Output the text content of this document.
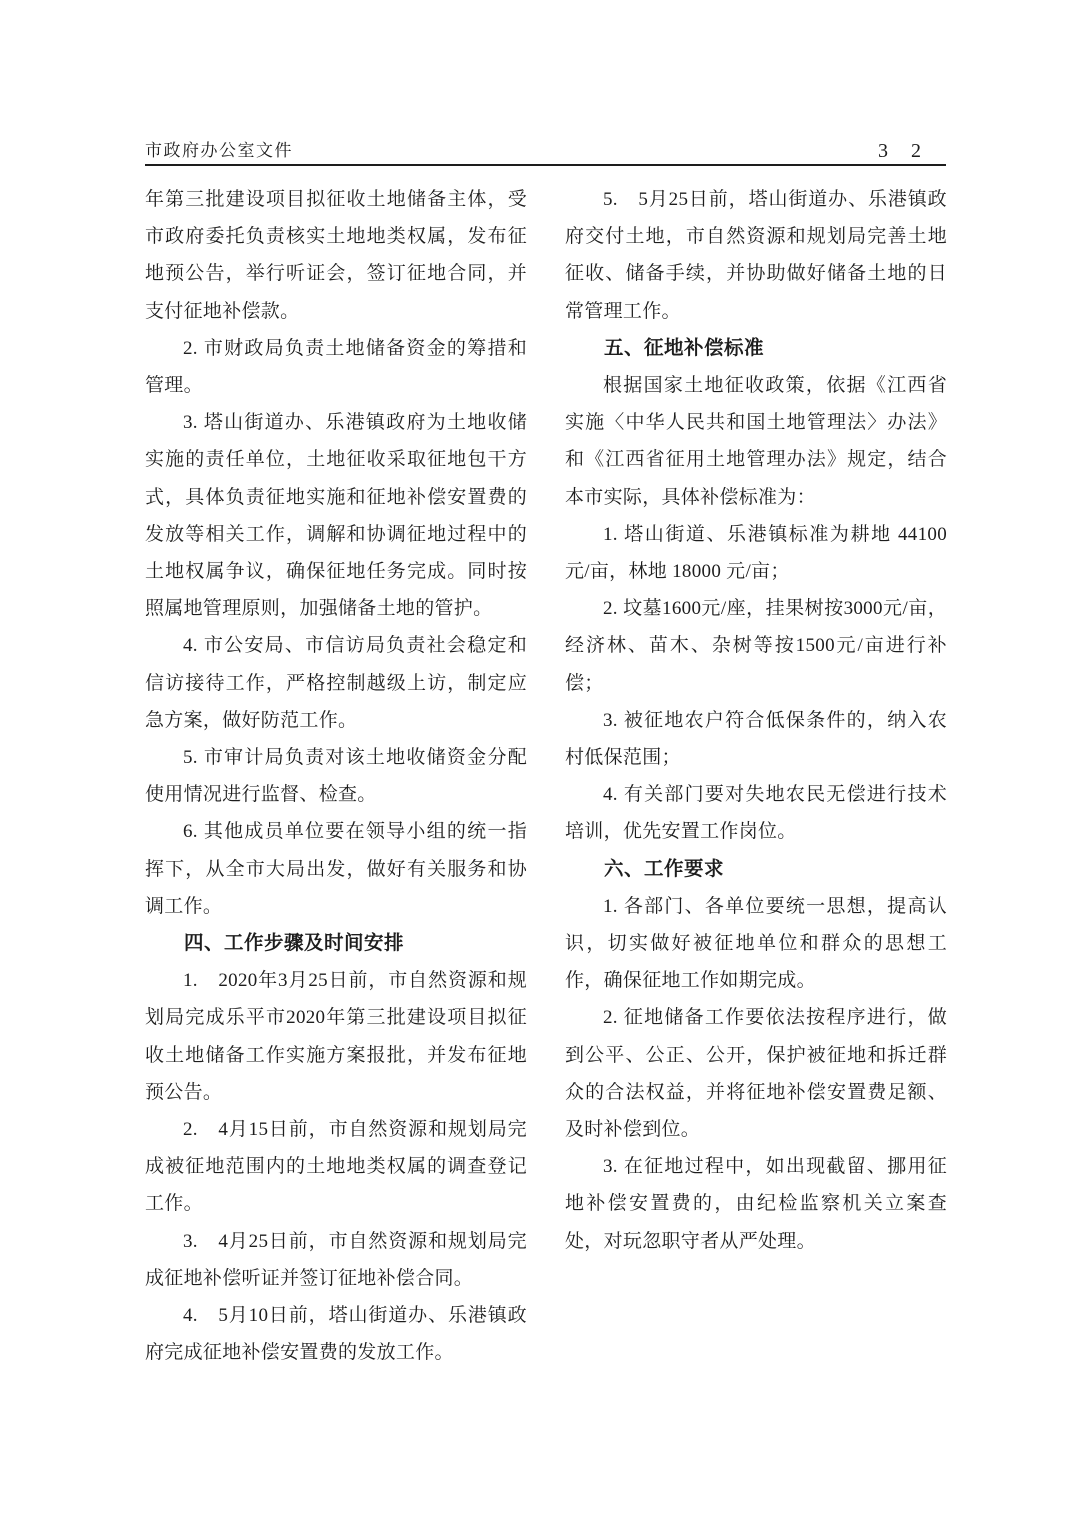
市政府办公室文件	3 2

年第三批建设项目拟征收土地储备主体，受市政府委托负责核实土地地类权属，发布征地预公告，举行听证会，签订征地合同，并支付征地补偿款。

2. 市财政局负责土地储备资金的筹措和管理。

3. 塔山街道办、乐港镇政府为土地收储实施的责任单位，土地征收采取征地包干方式，具体负责征地实施和征地补偿安置费的发放等相关工作，调解和协调征地过程中的土地权属争议，确保征地任务完成。同时按照属地管理原则，加强储备土地的管护。

4. 市公安局、市信访局负责社会稳定和信访接待工作，严格控制越级上访，制定应急方案，做好防范工作。

5. 市审计局负责对该土地收储资金分配使用情况进行监督、检查。

6. 其他成员单位要在领导小组的统一指挥下，从全市大局出发，做好有关服务和协调工作。

四、工作步骤及时间安排

1.　2020年3月25日前，市自然资源和规划局完成乐平市2020年第三批建设项目拟征收土地储备工作实施方案报批，并发布征地预公告。

2.　4月15日前，市自然资源和规划局完成被征地范围内的土地地类权属的调查登记工作。

3.　4月25日前，市自然资源和规划局完成征地补偿听证并签订征地补偿合同。

4.　5月10日前，塔山街道办、乐港镇政府完成征地补偿安置费的发放工作。

5.　5月25日前，塔山街道办、乐港镇政府交付土地，市自然资源和规划局完善土地征收、储备手续，并协助做好储备土地的日常管理工作。

五、征地补偿标准

根据国家土地征收政策，依据《江西省实施〈中华人民共和国土地管理法〉办法》和《江西省征用土地管理办法》规定，结合本市实际，具体补偿标准为：

1. 塔山街道、乐港镇标准为耕地 44100 元/亩，林地 18000 元/亩；

2. 坟墓1600元/座，挂果树按3000元/亩，经济林、苗木、杂树等按1500元/亩进行补偿；

3. 被征地农户符合低保条件的，纳入农村低保范围；

4. 有关部门要对失地农民无偿进行技术培训，优先安置工作岗位。

六、工作要求

1. 各部门、各单位要统一思想，提高认识，切实做好被征地单位和群众的思想工作，确保征地工作如期完成。

2. 征地储备工作要依法按程序进行，做到公平、公正、公开，保护被征地和拆迁群众的合法权益，并将征地补偿安置费足额、及时补偿到位。

3. 在征地过程中，如出现截留、挪用征地补偿安置费的，由纪检监察机关立案查处，对玩忽职守者从严处理。
